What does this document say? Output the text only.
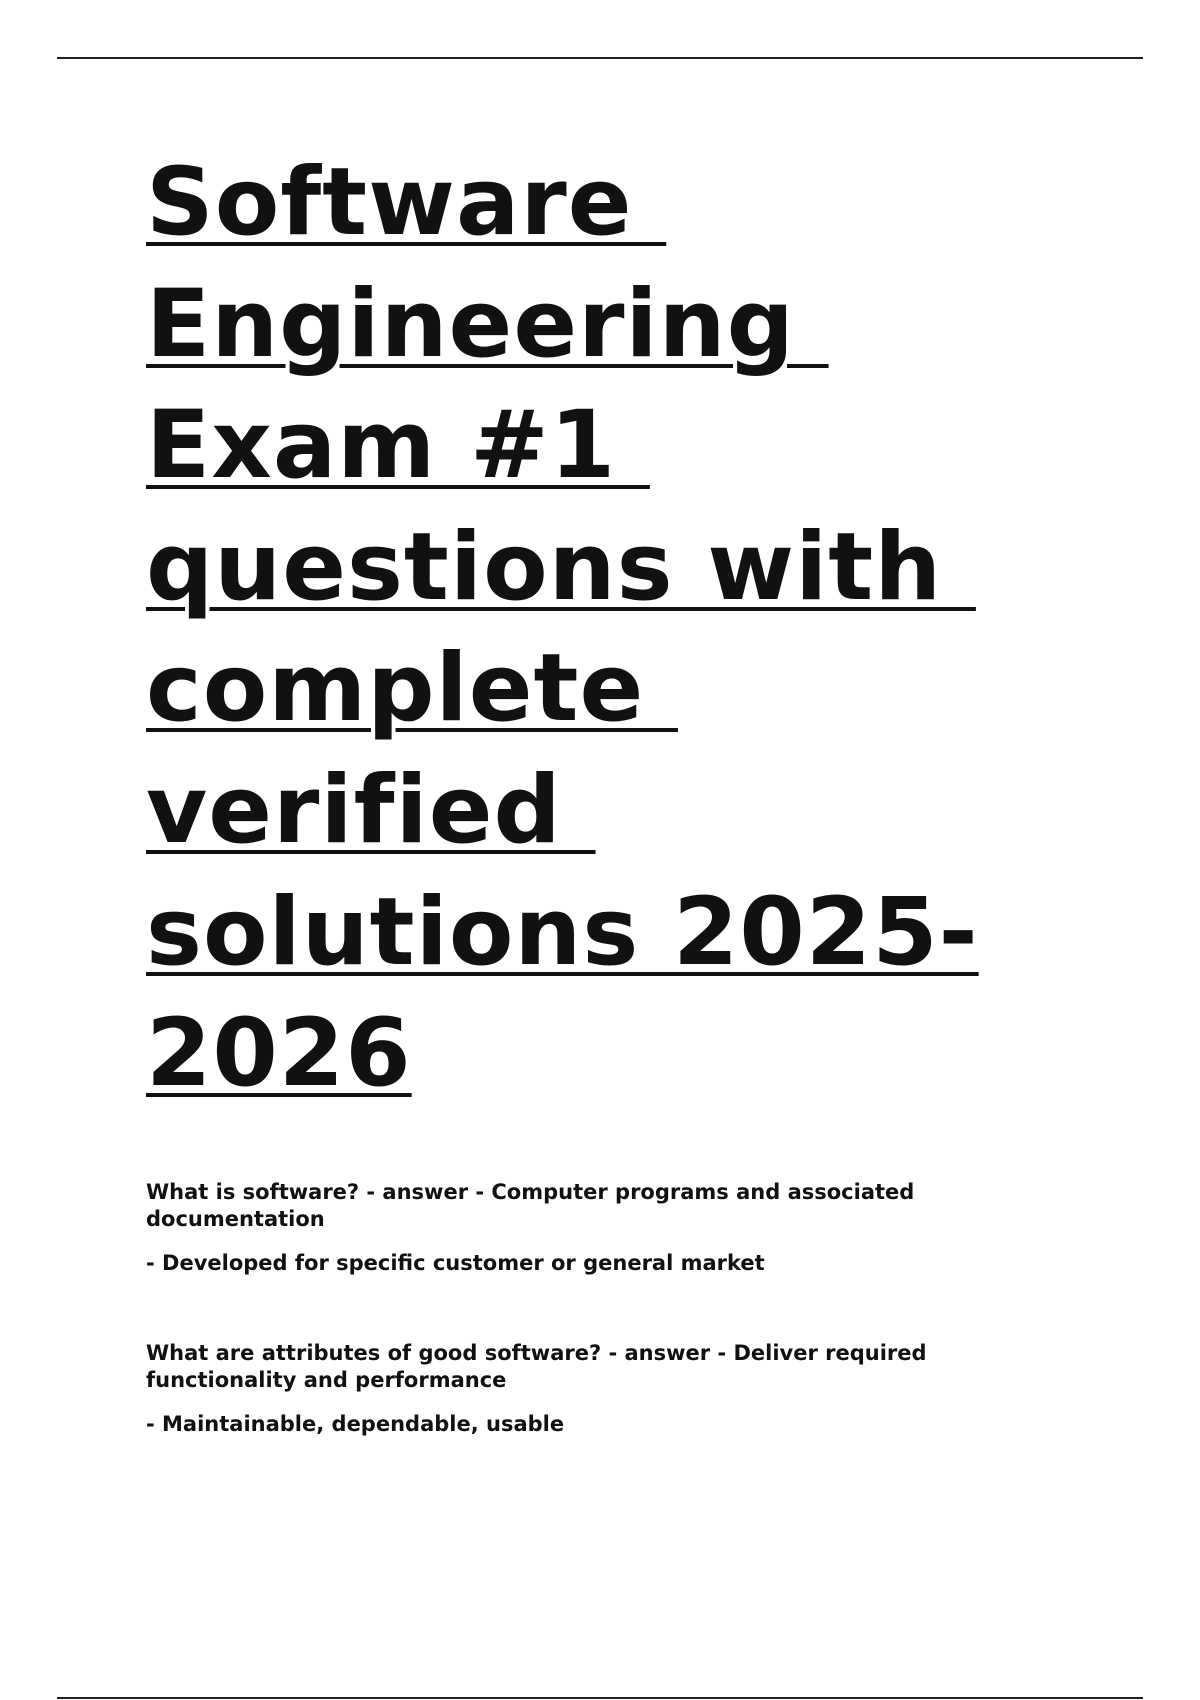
Software
Engineering
Exam #1
questions with
complete
verified
solutions 2025-
2026

What is software? - answer - Computer programs and associated documentation

- Developed for specific customer or general market

What are attributes of good software? - answer - Deliver required functionality and performance

- Maintainable, dependable, usable
